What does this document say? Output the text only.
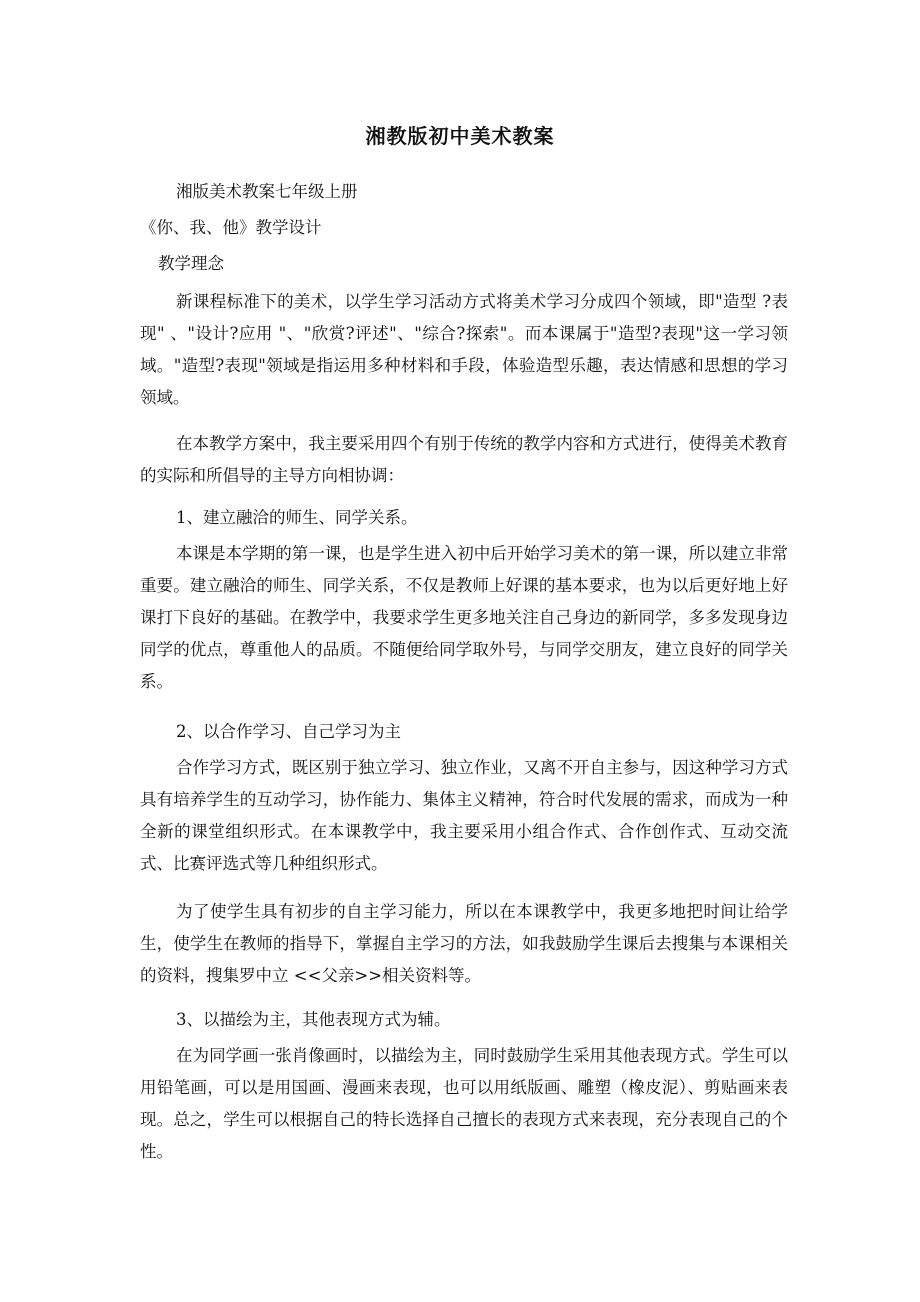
湘教版初中美术教案
湘版美术教案七年级上册
《你、我、他》教学设计
教学理念
新课程标准下的美术，以学生学习活动方式将美术学习分成四个领域，即"造型 ?表现" 、"设计?应用 "、"欣赏?评述"、"综合?探索"。而本课属于"造型?表现"这一学习领域。"造型?表现"领域是指运用多种材料和手段，体验造型乐趣，表达情感和思想的学习领域。
在本教学方案中，我主要采用四个有别于传统的教学内容和方式进行，使得美术教育的实际和所倡导的主导方向相协调：
1、建立融洽的师生、同学关系。
本课是本学期的第一课，也是学生进入初中后开始学习美术的第一课，所以建立非常重要。建立融洽的师生、同学关系，不仅是教师上好课的基本要求，也为以后更好地上好课打下良好的基础。在教学中，我要求学生更多地关注自己身边的新同学，多多发现身边同学的优点，尊重他人的品质。不随便给同学取外号，与同学交朋友，建立良好的同学关系。
2、以合作学习、自己学习为主
合作学习方式，既区别于独立学习、独立作业，又离不开自主参与，因这种学习方式具有培养学生的互动学习，协作能力、集体主义精神，符合时代发展的需求，而成为一种全新的课堂组织形式。在本课教学中，我主要采用小组合作式、合作创作式、互动交流式、比赛评选式等几种组织形式。
为了使学生具有初步的自主学习能力，所以在本课教学中，我更多地把时间让给学生，使学生在教师的指导下，掌握自主学习的方法，如我鼓励学生课后去搜集与本课相关的资料，搜集罗中立 <<父亲>>相关资料等。
3、以描绘为主，其他表现方式为辅。
在为同学画一张肖像画时，以描绘为主，同时鼓励学生采用其他表现方式。学生可以用铅笔画，可以是用国画、漫画来表现，也可以用纸版画、雕塑（橡皮泥）、剪贴画来表现。总之，学生可以根据自己的特长选择自己擅长的表现方式来表现，充分表现自己的个性。
